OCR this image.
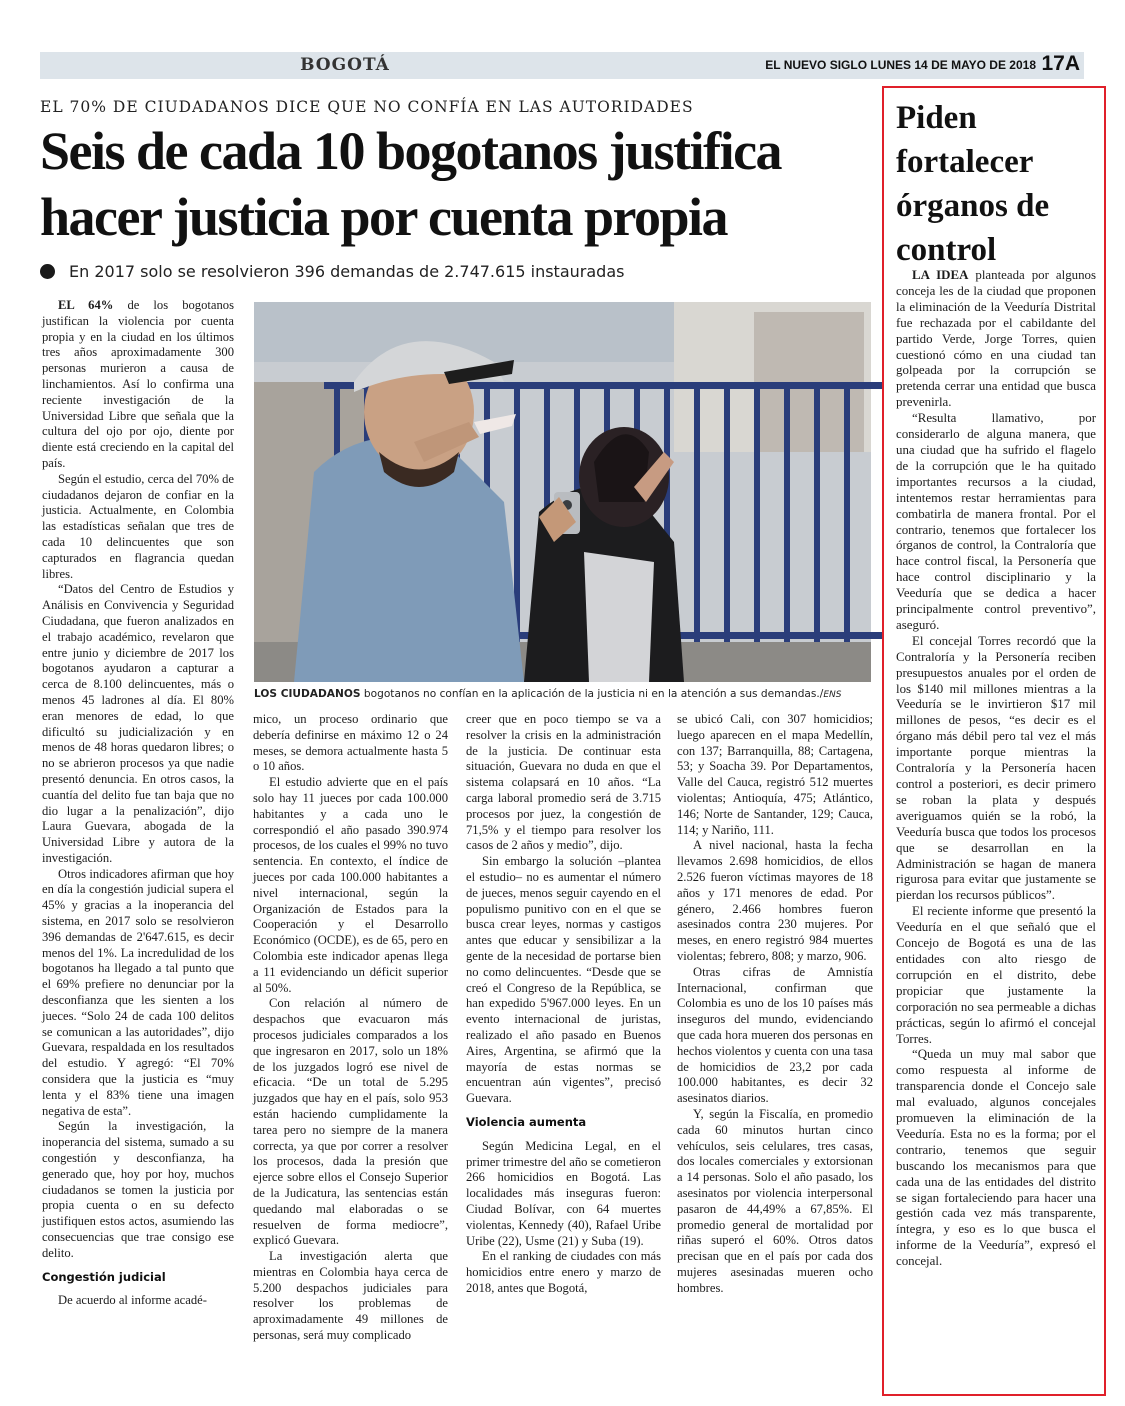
BOGOTÁ	EL NUEVO SIGLO LUNES 14 DE MAYO DE 2018 17A
EL 70% DE CIUDADANOS DICE QUE NO CONFÍA EN LAS AUTORIDADES
Seis de cada 10 bogotanos justifica hacer justicia por cuenta propia
En 2017 solo se resolvieron 396 demandas de 2.747.615 instauradas

EL 64% de los bogotanos justifican la violencia por cuenta propia y en la ciudad en los últimos tres años aproximadamente 300 personas murieron a causa de linchamientos. Así lo confirma una reciente investigación de la Universidad Libre que señala que la cultura del ojo por ojo, diente por diente está creciendo en la capital del país.

Según el estudio, cerca del 70% de ciudadanos dejaron de confiar en la justicia. Actualmente, en Colombia las estadísticas señalan que tres de cada 10 delincuentes que son capturados en flagrancia quedan libres.

“Datos del Centro de Estudios y Análisis en Convivencia y Seguridad Ciudadana, que fueron analizados en el trabajo académico, revelaron que entre junio y diciembre de 2017 los bogotanos ayudaron a capturar a cerca de 8.100 delincuentes, más o menos 45 ladrones al día. El 80% eran menores de edad, lo que dificultó su judicialización y en menos de 48 horas quedaron libres; o no se abrieron procesos ya que nadie presentó denuncia. En otros casos, la cuantía del delito fue tan baja que no dio lugar a la penalización”, dijo Laura Guevara, abogada de la Universidad Libre y autora de la investigación.

Otros indicadores afirman que hoy en día la congestión judicial supera el 45% y gracias a la inoperancia del sistema, en 2017 solo se resolvieron 396 demandas de 2'647.615, es decir menos del 1%. La incredulidad de los bogotanos ha llegado a tal punto que el 69% prefiere no denunciar por la desconfianza que les sienten a los jueces. “Solo 24 de cada 100 delitos se comunican a las autoridades”, dijo Guevara, respaldada en los resultados del estudio. Y agregó: “El 70% considera que la justicia es “muy lenta y el 83% tiene una imagen negativa de esta”.

Según la investigación, la inoperancia del sistema, sumado a su congestión y desconfianza, ha generado que, hoy por hoy, muchos ciudadanos se tomen la justicia por propia cuenta o en su defecto justifiquen estos actos, asumiendo las consecuencias que trae consigo ese delito.

Congestión judicial

De acuerdo al informe acadé-

LOS CIUDADANOS bogotanos no confían en la aplicación de la justicia ni en la atención a sus demandas./ENS

mico, un proceso ordinario que debería definirse en máximo 12 o 24 meses, se demora actualmente hasta 5 o 10 años.

El estudio advierte que en el país solo hay 11 jueces por cada 100.000 habitantes y a cada uno le correspondió el año pasado 390.974 procesos, de los cuales el 99% no tuvo sentencia. En contexto, el índice de jueces por cada 100.000 habitantes a nivel internacional, según la Organización de Estados para la Cooperación y el Desarrollo Económico (OCDE), es de 65, pero en Colombia este indicador apenas llega a 11 evidenciando un déficit superior al 50%.

Con relación al número de despachos que evacuaron más procesos judiciales comparados a los que ingresaron en 2017, solo un 18% de los juzgados logró ese nivel de eficacia. “De un total de 5.295 juzgados que hay en el país, solo 953 están haciendo cumplidamente la tarea pero no siempre de la manera correcta, ya que por correr a resolver los procesos, dada la presión que ejerce sobre ellos el Consejo Superior de la Judicatura, las sentencias están quedando mal elaboradas o se resuelven de forma mediocre”, explicó Guevara.

La investigación alerta que mientras en Colombia haya cerca de 5.200 despachos judiciales para resolver los problemas de aproximadamente 49 millones de personas, será muy complicado

creer que en poco tiempo se va a resolver la crisis en la administración de la justicia. De continuar esta situación, Guevara no duda en que el sistema colapsará en 10 años. “La carga laboral promedio será de 3.715 procesos por juez, la congestión de 71,5% y el tiempo para resolver los casos de 2 años y medio”, dijo.

Sin embargo la solución –plantea el estudio– no es aumentar el número de jueces, menos seguir cayendo en el populismo punitivo con en el que se busca crear leyes, normas y castigos antes que educar y sensibilizar a la gente de la necesidad de portarse bien no como delincuentes. “Desde que se creó el Congreso de la República, se han expedido 5'967.000 leyes. En un evento internacional de juristas, realizado el año pasado en Buenos Aires, Argentina, se afirmó que la mayoría de estas normas se encuentran aún vigentes”, precisó Guevara.

Violencia aumenta

Según Medicina Legal, en el primer trimestre del año se cometieron 266 homicidios en Bogotá. Las localidades más inseguras fueron: Ciudad Bolívar, con 64 muertes violentas, Kennedy (40), Rafael Uribe Uribe (22), Usme (21) y Suba (19).

En el ranking de ciudades con más homicidios entre enero y marzo de 2018, antes que Bogotá,

se ubicó Cali, con 307 homicidios; luego aparecen en el mapa Medellín, con 137; Barranquilla, 88; Cartagena, 53; y Soacha 39. Por Departamentos, Valle del Cauca, registró 512 muertes violentas; Antioquía, 475; Atlántico, 146; Norte de Santander, 129; Cauca, 114; y Nariño, 111.

A nivel nacional, hasta la fecha llevamos 2.698 homicidios, de ellos 2.526 fueron víctimas mayores de 18 años y 171 menores de edad. Por género, 2.466 hombres fueron asesinados contra 230 mujeres. Por meses, en enero registró 984 muertes violentas; febrero, 808; y marzo, 906.

Otras cifras de Amnistía Internacional, confirman que Colombia es uno de los 10 países más inseguros del mundo, evidenciando que cada hora mueren dos personas en hechos violentos y cuenta con una tasa de homicidios de 23,2 por cada 100.000 habitantes, es decir 32 asesinatos diarios.

Y, según la Fiscalía, en promedio cada 60 minutos hurtan cinco vehículos, seis celulares, tres casas, dos locales comerciales y extorsionan a 14 personas. Solo el año pasado, los asesinatos por violencia interpersonal pasaron de 44,49% a 67,85%. El promedio general de mortalidad por riñas superó el 60%. Otros datos precisan que en el país por cada dos mujeres asesinadas mueren ocho hombres.

Piden fortalecer órganos de control

LA IDEA planteada por algunos conceja les de la ciudad que proponen la eliminación de la Veeduría Distrital fue rechazada por el cabildante del partido Verde, Jorge Torres, quien cuestionó cómo en una ciudad tan golpeada por la corrupción se pretenda cerrar una entidad que busca prevenirla.

“Resulta llamativo, por considerarlo de alguna manera, que una ciudad que ha sufrido el flagelo de la corrupción que le ha quitado importantes recursos a la ciudad, intentemos restar herramientas para combatirla de manera frontal. Por el contrario, tenemos que fortalecer los órganos de control, la Contraloría que hace control fiscal, la Personería que hace control disciplinario y la Veeduría que se dedica a hacer principalmente control preventivo”, aseguró.

El concejal Torres recordó que la Contraloría y la Personería reciben presupuestos anuales por el orden de los $140 mil millones mientras a la Veeduría se le invirtieron $17 mil millones de pesos, “es decir es el órgano más débil pero tal vez el más importante porque mientras la Contraloría y la Personería hacen control a posteriori, es decir primero se roban la plata y después averiguamos quién se la robó, la Veeduría busca que todos los procesos que se desarrollan en la Administración se hagan de manera rigurosa para evitar que justamente se pierdan los recursos públicos”.

El reciente informe que presentó la Veeduría en el que señaló que el Concejo de Bogotá es una de las entidades con alto riesgo de corrupción en el distrito, debe propiciar que justamente la corporación no sea permeable a dichas prácticas, según lo afirmó el concejal Torres.

“Queda un muy mal sabor que como respuesta al informe de transparencia donde el Concejo sale mal evaluado, algunos concejales promueven la eliminación de la Veeduría. Esta no es la forma; por el contrario, tenemos que seguir buscando los mecanismos para que cada una de las entidades del distrito se sigan fortaleciendo para hacer una gestión cada vez más transparente, íntegra, y eso es lo que busca el informe de la Veeduría”, expresó el concejal.
